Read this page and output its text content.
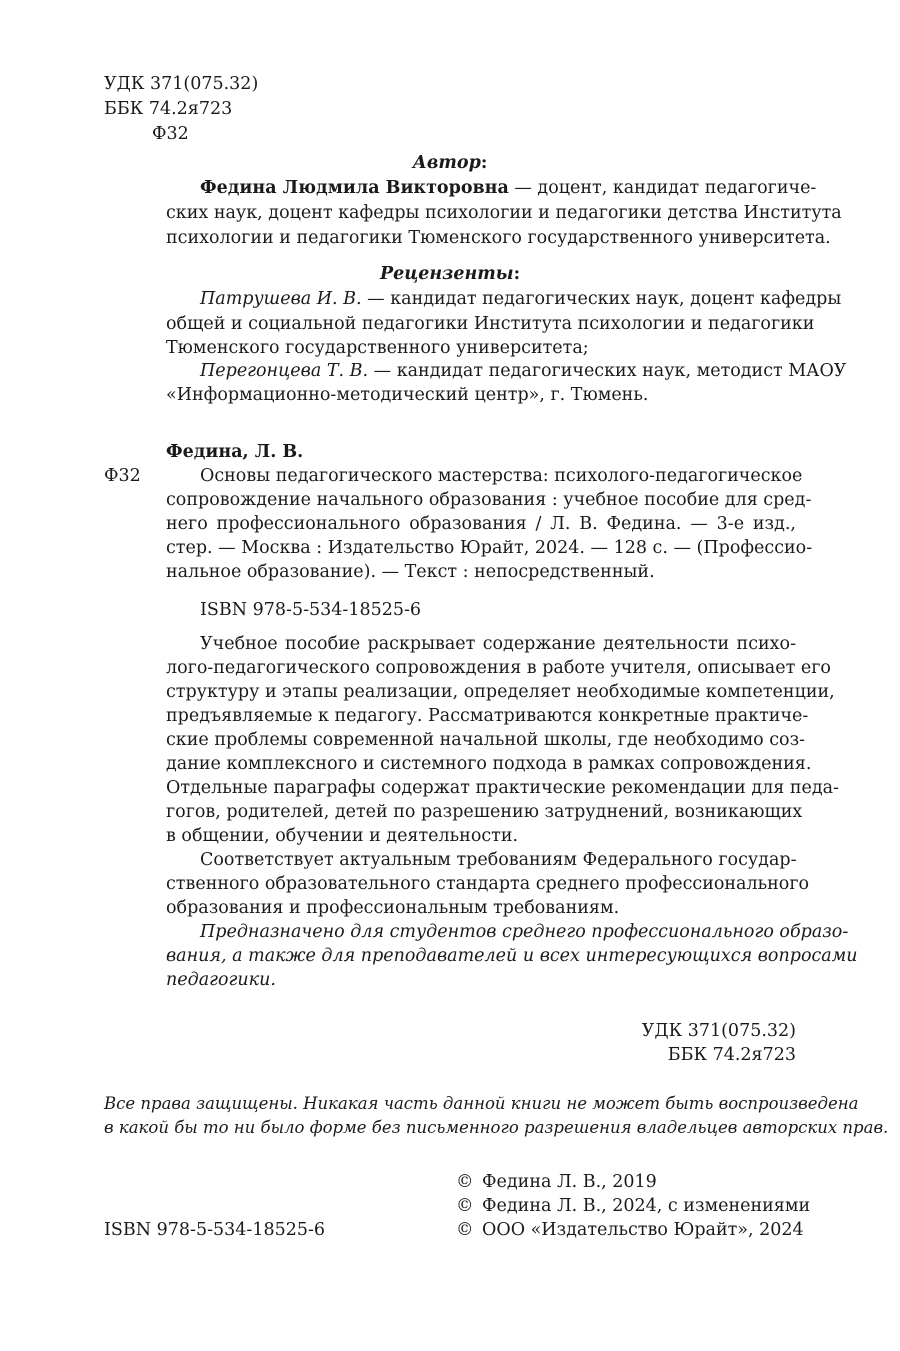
УДК 371(075.32)
ББК 74.2я723
Ф32
Автор:
Федина Людмила Викторовна — доцент, кандидат педагогиче-
ских наук, доцент кафедры психологии и педагогики детства Института
психологии и педагогики Тюменского государственного университета.
Рецензенты:
Патрушева И. В. — кандидат педагогических наук, доцент кафедры
общей и социальной педагогики Института психологии и педагогики
Тюменского государственного университета;
Перегонцева Т. В. — кандидат педагогических наук, методист МАОУ
«Информационно-методический центр», г. Тюмень.
Федина, Л. В.
Ф32	Основы педагогического мастерства: психолого-педагогическое
сопровождение начального образования : учебное пособие для сред-
него профессионального образования / Л. В. Федина. — 3-е изд.,
стер. — Москва : Издательство Юрайт, 2024. — 128 с. — (Профессио-
нальное образование). — Текст : непосредственный.
ISBN 978-5-534-18525-6
Учебное пособие раскрывает содержание деятельности психо-
лого-педагогического сопровождения в работе учителя, описывает его
структуру и этапы реализации, определяет необходимые компетенции,
предъявляемые к педагогу. Рассматриваются конкретные практиче-
ские проблемы современной начальной школы, где необходимо соз-
дание комплексного и системного подхода в рамках сопровождения.
Отдельные параграфы содержат практические рекомендации для педа-
гогов, родителей, детей по разрешению затруднений, возникающих
в общении, обучении и деятельности.
Соответствует актуальным требованиям Федерального государ-
ственного образовательного стандарта среднего профессионального
образования и профессиональным требованиям.
Предназначено для студентов среднего профессионального образо-
вания, а также для преподавателей и всех интересующихся вопросами
педагогики.
УДК 371(075.32)
ББК 74.2я723
Все права защищены. Никакая часть данной книги не может быть воспроизведена
в какой бы то ни было форме без письменного разрешения владельцев авторских прав.
© Федина Л. В., 2019
© Федина Л. В., 2024, с изменениями
© ООО «Издательство Юрайт», 2024
ISBN 978-5-534-18525-6
